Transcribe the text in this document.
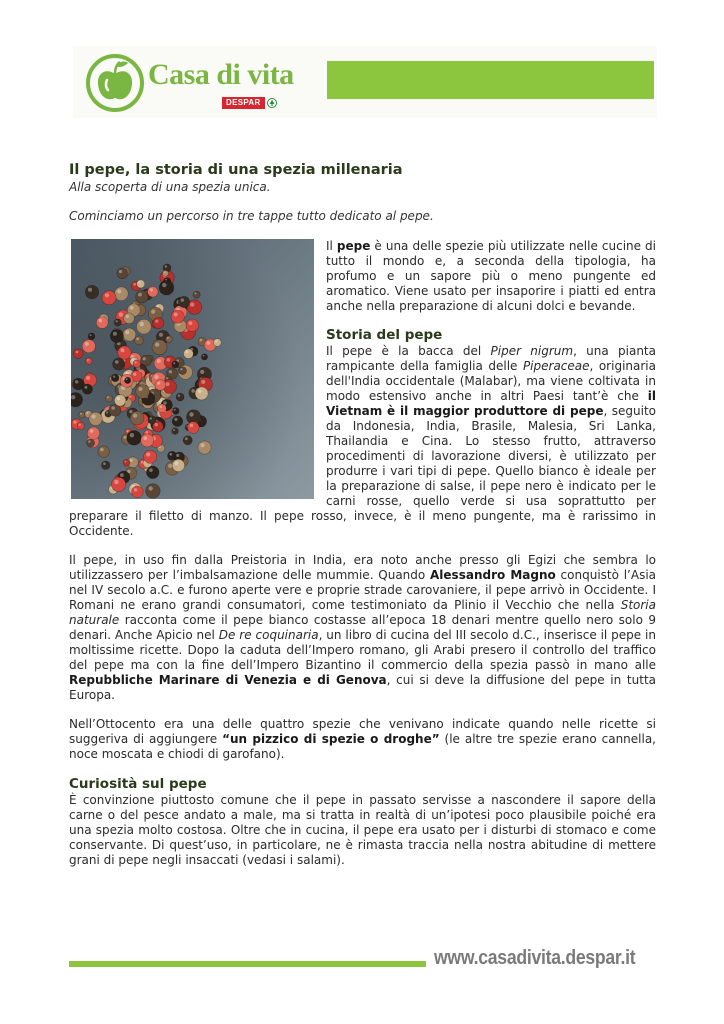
Casa di vita
DESPAR
Il pepe, la storia di una spezia millenaria

Alla scoperta di una spezia unica.

Cominciamo un percorso in tre tappe tutto dedicato al pepe.

Il pepe è una delle spezie più utilizzate nelle cucine di tutto il mondo e, a seconda della tipologia, ha profumo e un sapore più o meno pungente ed aromatico. Viene usato per insaporire i piatti ed entra anche nella preparazione di alcuni dolci e bevande.

Storia del pepe

Il pepe è la bacca del Piper nigrum, una pianta rampicante della famiglia delle Piperaceae, originaria dell'India occidentale (Malabar), ma viene coltivata in modo estensivo anche in altri Paesi tant’è che il Vietnam è il maggior produttore di pepe, seguito da Indonesia, India, Brasile, Malesia, Sri Lanka, Thailandia e Cina. Lo stesso frutto, attraverso procedimenti di lavorazione diversi, è utilizzato per produrre i vari tipi di pepe. Quello bianco è ideale per la preparazione di salse, il pepe nero è indicato per le carni rosse, quello verde si usa soprattutto per preparare il filetto di manzo. Il pepe rosso, invece, è il meno pungente, ma è rarissimo in Occidente.

Il pepe, in uso fin dalla Preistoria in India, era noto anche presso gli Egizi che sembra lo utilizzassero per l’imbalsamazione delle mummie. Quando Alessandro Magno conquistò l’Asia nel IV secolo a.C. e furono aperte vere e proprie strade carovaniere, il pepe arrivò in Occidente. I Romani ne erano grandi consumatori, come testimoniato da Plinio il Vecchio che nella Storia naturale racconta come il pepe bianco costasse all’epoca 18 denari mentre quello nero solo 9 denari. Anche Apicio nel De re coquinaria, un libro di cucina del III secolo d.C., inserisce il pepe in moltissime ricette. Dopo la caduta dell’Impero romano, gli Arabi presero il controllo del traffico del pepe ma con la fine dell’Impero Bizantino il commercio della spezia passò in mano alle Repubbliche Marinare di Venezia e di Genova, cui si deve la diffusione del pepe in tutta Europa.

Nell’Ottocento era una delle quattro spezie che venivano indicate quando nelle ricette si suggeriva di aggiungere “un pizzico di spezie o droghe” (le altre tre spezie erano cannella, noce moscata e chiodi di garofano).

Curiosità sul pepe

È convinzione piuttosto comune che il pepe in passato servisse a nascondere il sapore della carne o del pesce andato a male, ma si tratta in realtà di un’ipotesi poco plausibile poiché era una spezia molto costosa. Oltre che in cucina, il pepe era usato per i disturbi di stomaco e come conservante. Di quest’uso, in particolare, ne è rimasta traccia nella nostra abitudine di mettere grani di pepe negli insaccati (vedasi i salami).

www.casadivita.despar.it
